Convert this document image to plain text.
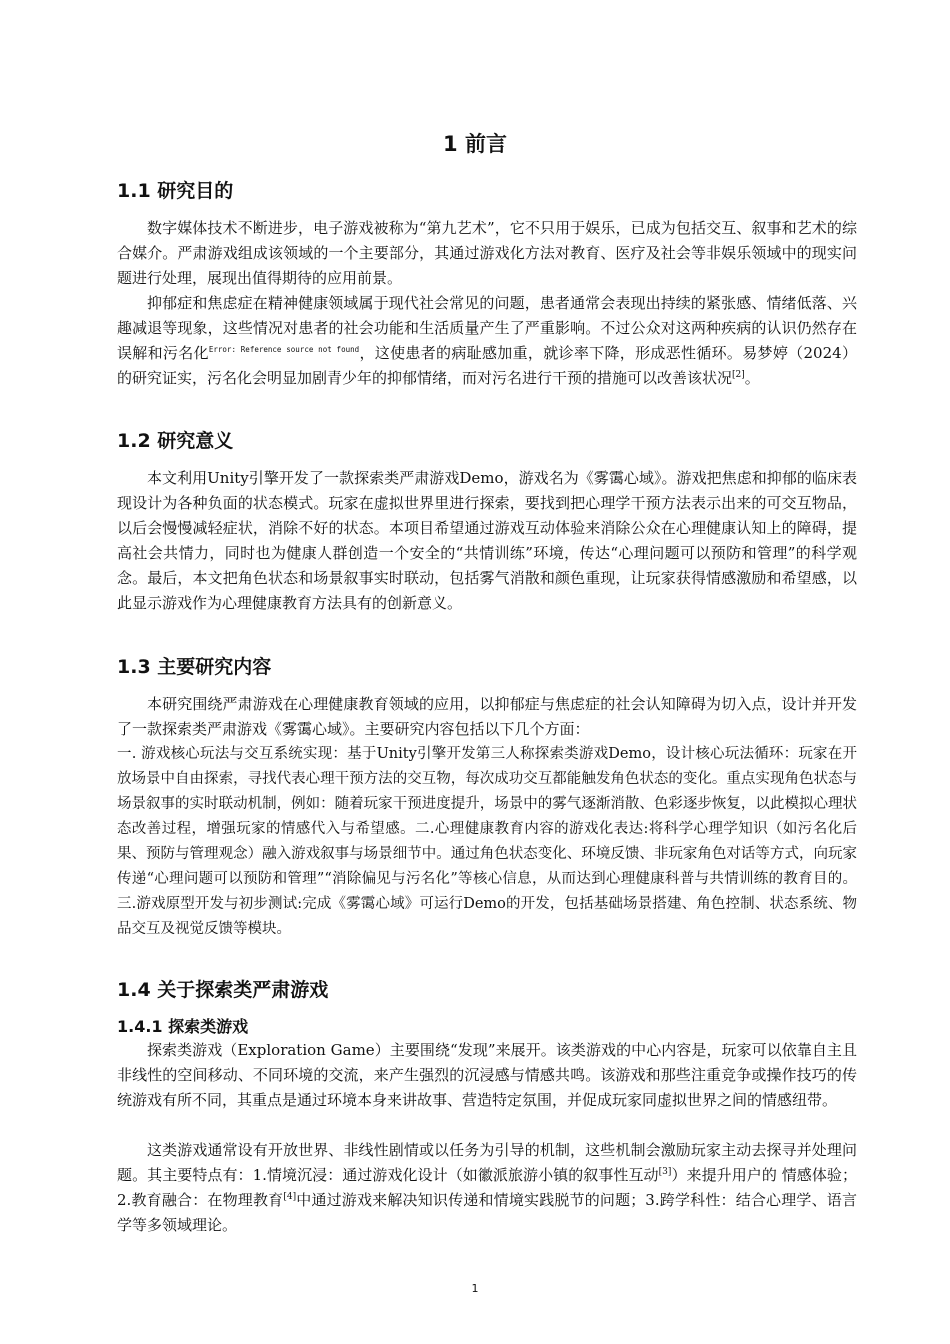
1 前言
1.1 研究目的

数字媒体技术不断进步，电子游戏被称为“第九艺术”，它不只用于娱乐，已成为包括交互、叙事和艺术的综合媒介。严肃游戏组成该领域的一个主要部分，其通过游戏化方法对教育、医疗及社会等非娱乐领域中的现实问题进行处理，展现出值得期待的应用前景。

抑郁症和焦虑症在精神健康领域属于现代社会常见的问题，患者通常会表现出持续的紧张感、情绪低落、兴趣减退等现象，这些情况对患者的社会功能和生活质量产生了严重影响。不过公众对这两种疾病的认识仍然存在误解和污名化$^{Error: Reference source not found}$，这使患者的病耻感加重，就诊率下降，形成恶性循环。易梦婷（2024）的研究证实，污名化会明显加剧青少年的抑郁情绪，而对污名进行干预的措施可以改善该状况[2]。

1.2 研究意义

本文利用Unity引擎开发了一款探索类严肃游戏Demo，游戏名为《雾霭心域》。游戏把焦虑和抑郁的临床表现设计为各种负面的状态模式。玩家在虚拟世界里进行探索，要找到把心理学干预方法表示出来的可交互物品，以后会慢慢减轻症状，消除不好的状态。本项目希望通过游戏互动体验来消除公众在心理健康认知上的障碍，提高社会共情力，同时也为健康人群创造一个安全的“共情训练”环境，传达“心理问题可以预防和管理”的科学观念。最后，本文把角色状态和场景叙事实时联动，包括雾气消散和颜色重现，让玩家获得情感激励和希望感，以此显示游戏作为心理健康教育方法具有的创新意义。

1.3 主要研究内容

本研究围绕严肃游戏在心理健康教育领域的应用，以抑郁症与焦虑症的社会认知障碍为切入点，设计并开发了一款探索类严肃游戏《雾霭心域》。主要研究内容包括以下几个方面：

一. 游戏核心玩法与交互系统实现：基于Unity引擎开发第三人称探索类游戏Demo，设计核心玩法循环：玩家在开放场景中自由探索，寻找代表心理干预方法的交互物，每次成功交互都能触发角色状态的变化。重点实现角色状态与场景叙事的实时联动机制，例如：随着玩家干预进度提升，场景中的雾气逐渐消散、色彩逐步恢复，以此模拟心理状态改善过程，增强玩家的情感代入与希望感。二.心理健康教育内容的游戏化表达:将科学心理学知识（如污名化后果、预防与管理观念）融入游戏叙事与场景细节中。通过角色状态变化、环境反馈、非玩家角色对话等方式，向玩家传递“心理问题可以预防和管理”“消除偏见与污名化”等核心信息，从而达到心理健康科普与共情训练的教育目的。三.游戏原型开发与初步测试:完成《雾霭心域》可运行Demo的开发，包括基础场景搭建、角色控制、状态系统、物品交互及视觉反馈等模块。

1.4 关于探索类严肃游戏
1.4.1 探索类游戏

探索类游戏（Exploration Game）主要围绕“发现”来展开。该类游戏的中心内容是，玩家可以依靠自主且非线性的空间移动、不同环境的交流，来产生强烈的沉浸感与情感共鸣。该游戏和那些注重竞争或操作技巧的传统游戏有所不同，其重点是通过环境本身来讲故事、营造特定氛围，并促成玩家同虚拟世界之间的情感纽带。

这类游戏通常设有开放世界、非线性剧情或以任务为引导的机制，这些机制会激励玩家主动去探寻并处理问题。其主要特点有：1.情境沉浸：通过游戏化设计（如徽派旅游小镇的叙事性互动[3]）来提升用户的 情感体验；2.教育融合：在物理教育[4]中通过游戏来解决知识传递和情境实践脱节的问题；3.跨学科性：结合心理学、语言学等多领域理论。

1
